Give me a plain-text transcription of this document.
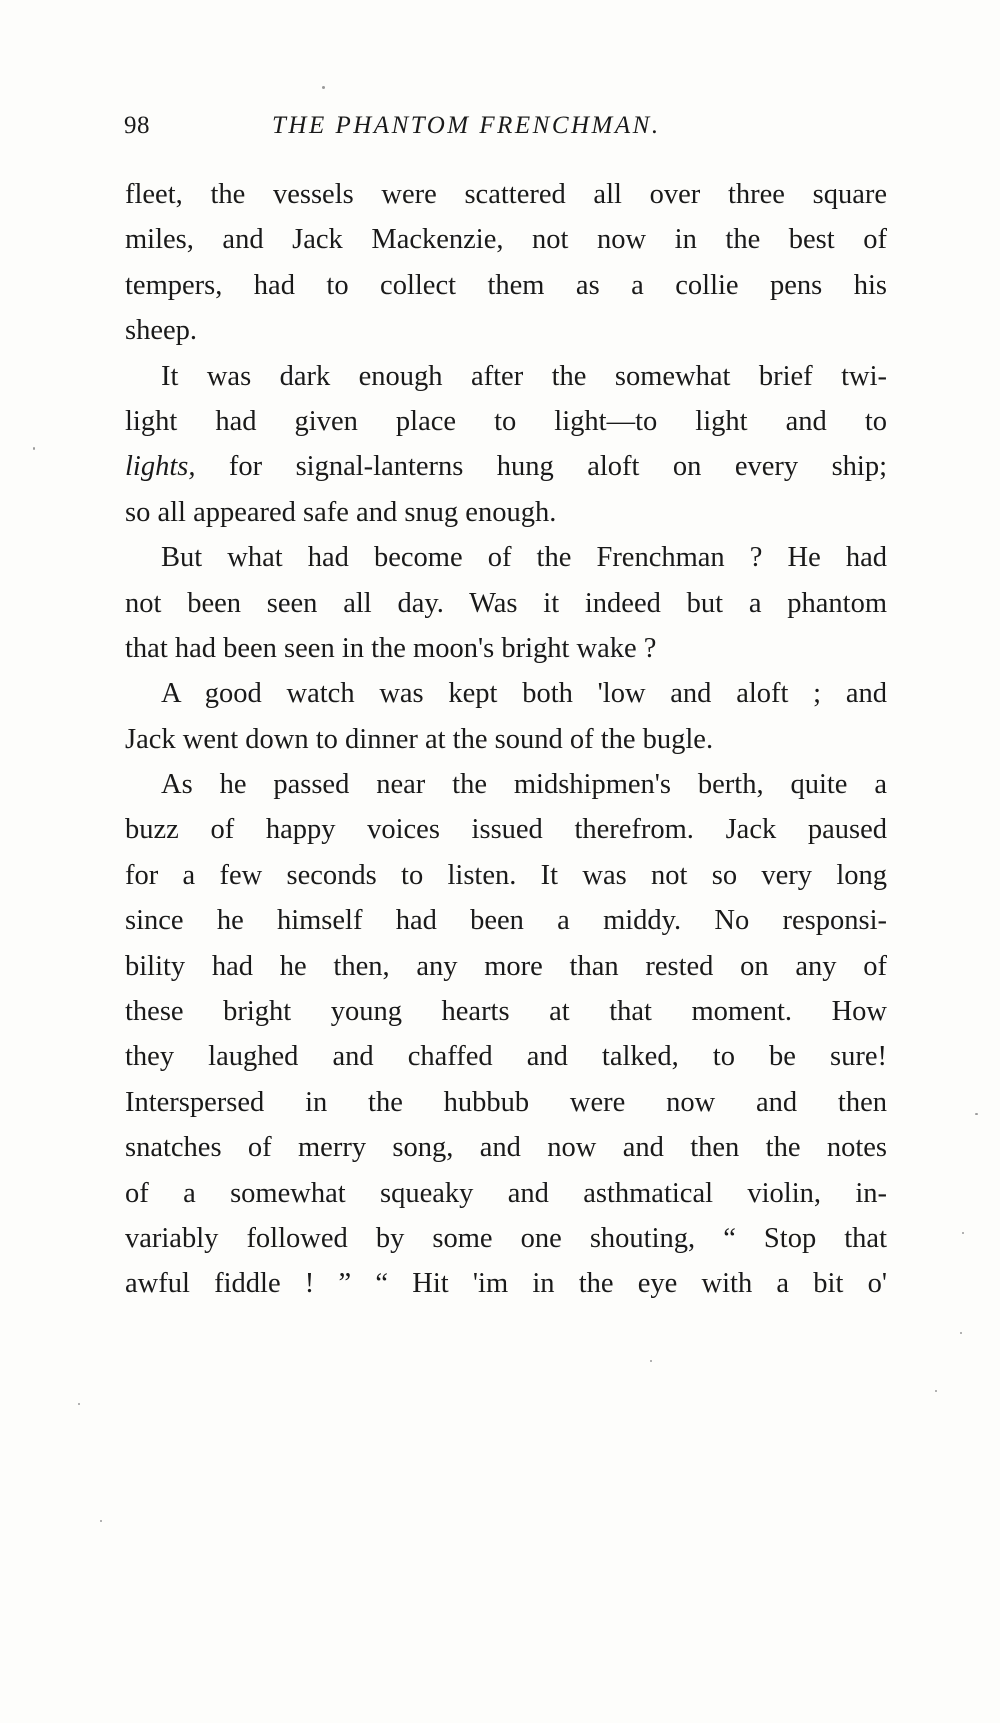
98	THE PHANTOM FRENCHMAN.
fleet, the vessels were scattered all over three square
miles, and Jack Mackenzie, not now in the best of
tempers, had to collect them as a collie pens his
sheep.
It was dark enough after the somewhat brief twi-
light had given place to light—to light and to
lights, for signal-lanterns hung aloft on every ship;
so all appeared safe and snug enough.
But what had become of the Frenchman ? He had
not been seen all day. Was it indeed but a phantom
that had been seen in the moon's bright wake ?
A good watch was kept both 'low and aloft ; and
Jack went down to dinner at the sound of the bugle.
As he passed near the midshipmen's berth, quite a
buzz of happy voices issued therefrom. Jack paused
for a few seconds to listen. It was not so very long
since he himself had been a middy. No responsi-
bility had he then, any more than rested on any of
these bright young hearts at that moment. How
they laughed and chaffed and talked, to be sure!
Interspersed in the hubbub were now and then
snatches of merry song, and now and then the notes
of a somewhat squeaky and asthmatical violin, in-
variably followed by some one shouting, “ Stop that
awful fiddle ! ” “ Hit 'im in the eye with a bit o'
